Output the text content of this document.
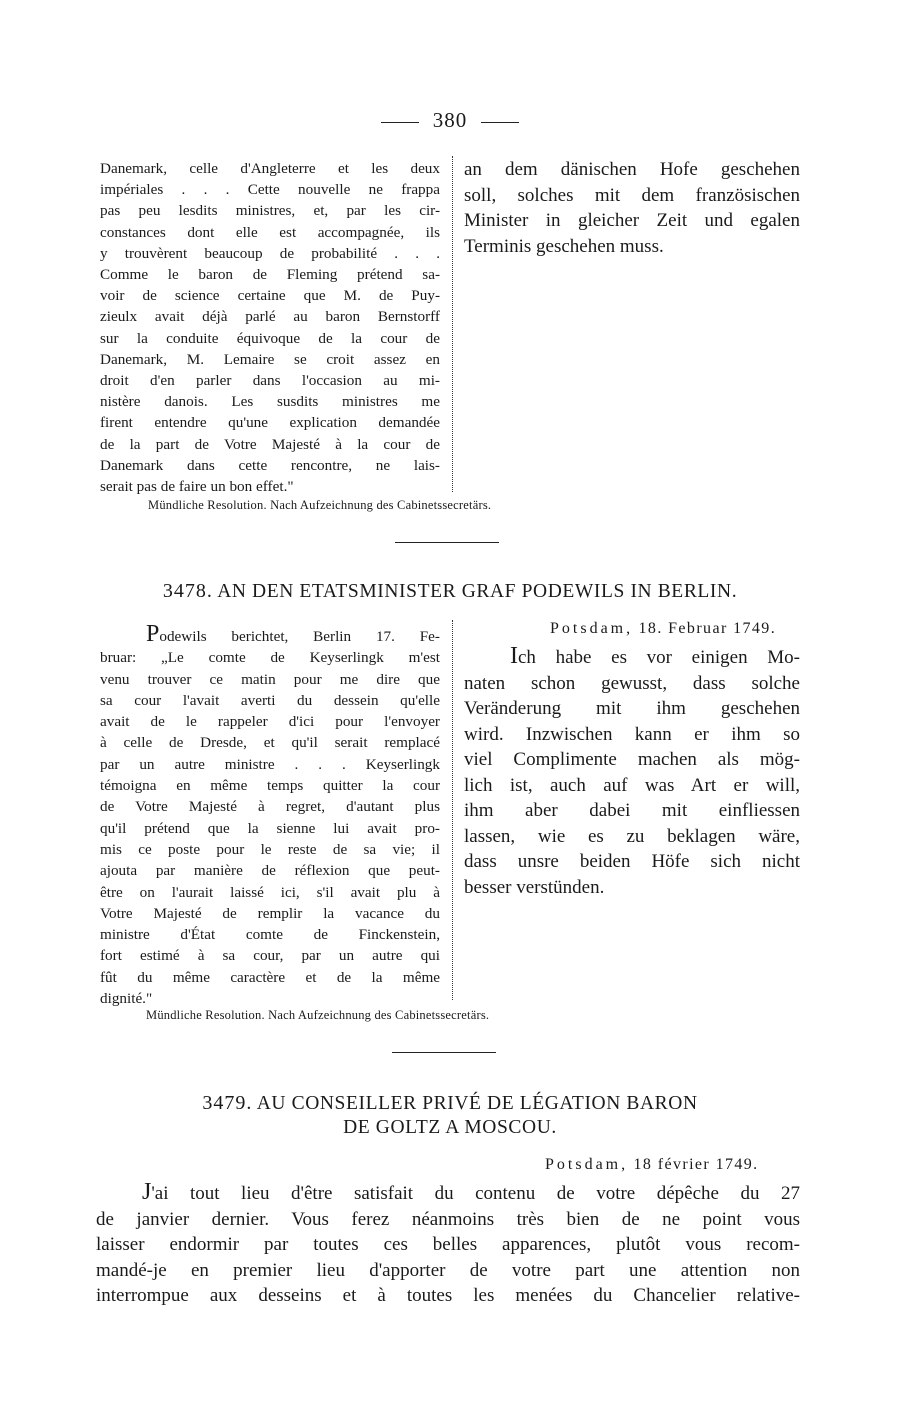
380
Danemark, celle d'Angleterre et les deux
impériales . . . Cette nouvelle ne frappa
pas peu lesdits ministres, et, par les cir-
constances dont elle est accompagnée, ils
y trouvèrent beaucoup de probabilité . . .
Comme le baron de Fleming prétend sa-
voir de science certaine que M. de Puy-
zieulx avait déjà parlé au baron Bernstorff
sur la conduite équivoque de la cour de
Danemark, M. Lemaire se croit assez en
droit d'en parler dans l'occasion au mi-
nistère danois. Les susdits ministres me
firent entendre qu'une explication demandée
de la part de Votre Majesté à la cour de
Danemark dans cette rencontre, ne lais-
serait pas de faire un bon effet."
an dem dänischen Hofe geschehen
soll, solches mit dem französischen
Minister in gleicher Zeit und egalen
Terminis geschehen muss.
Mündliche Resolution. Nach Aufzeichnung des Cabinetssecretärs.
3478. AN DEN ETATSMINISTER GRAF PODEWILS IN BERLIN.
Potsdam, 18. Februar 1749.
Podewils berichtet, Berlin 17. Fe-
bruar: „Le comte de Keyserlingk m'est
venu trouver ce matin pour me dire que
sa cour l'avait averti du dessein qu'elle
avait de le rappeler d'ici pour l'envoyer
à celle de Dresde, et qu'il serait remplacé
par un autre ministre . . . Keyserlingk
témoigna en même temps quitter la cour
de Votre Majesté à regret, d'autant plus
qu'il prétend que la sienne lui avait pro-
mis ce poste pour le reste de sa vie; il
ajouta par manière de réflexion que peut-
être on l'aurait laissé ici, s'il avait plu à
Votre Majesté de remplir la vacance du
ministre d'État comte de Finckenstein,
fort estimé à sa cour, par un autre qui
fût du même caractère et de la même
dignité."
Ich habe es vor einigen Mo-
naten schon gewusst, dass solche
Veränderung mit ihm geschehen
wird. Inzwischen kann er ihm so
viel Complimente machen als mög-
lich ist, auch auf was Art er will,
ihm aber dabei mit einfliessen
lassen, wie es zu beklagen wäre,
dass unsre beiden Höfe sich nicht
besser verstünden.
Mündliche Resolution. Nach Aufzeichnung des Cabinetssecretärs.
3479. AU CONSEILLER PRIVÉ DE LÉGATION BARON
DE GOLTZ A MOSCOU.
Potsdam, 18 février 1749.
J'ai tout lieu d'être satisfait du contenu de votre dépêche du 27
de janvier dernier. Vous ferez néanmoins très bien de ne point vous
laisser endormir par toutes ces belles apparences, plutôt vous recom-
mandé-je en premier lieu d'apporter de votre part une attention non
interrompue aux desseins et à toutes les menées du Chancelier relative-
